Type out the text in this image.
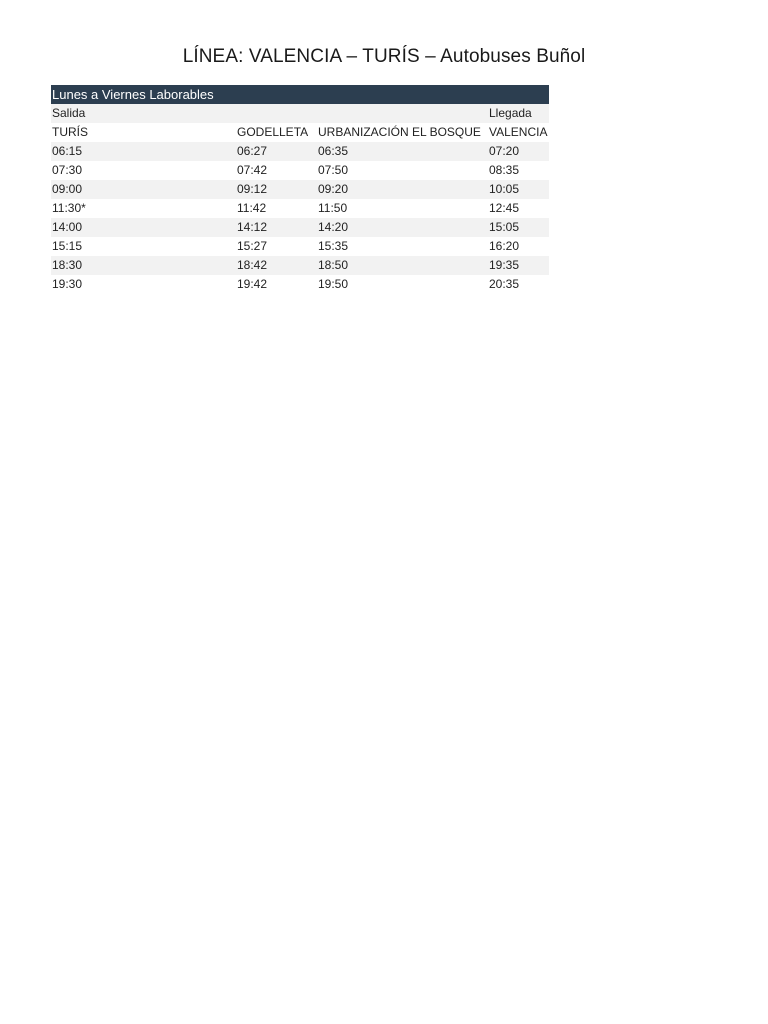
LÍNEA: VALENCIA – TURÍS – Autobuses Buñol
Lunes a Viernes Laborables			
Salida			Llegada
TURÍS	GODELLETA	URBANIZACIÓN EL BOSQUE	VALENCIA
06:15	06:27	06:35	07:20
07:30	07:42	07:50	08:35
09:00	09:12	09:20	10:05
11:30*	11:42	11:50	12:45
14:00	14:12	14:20	15:05
15:15	15:27	15:35	16:20
18:30	18:42	18:50	19:35
19:30	19:42	19:50	20:35
